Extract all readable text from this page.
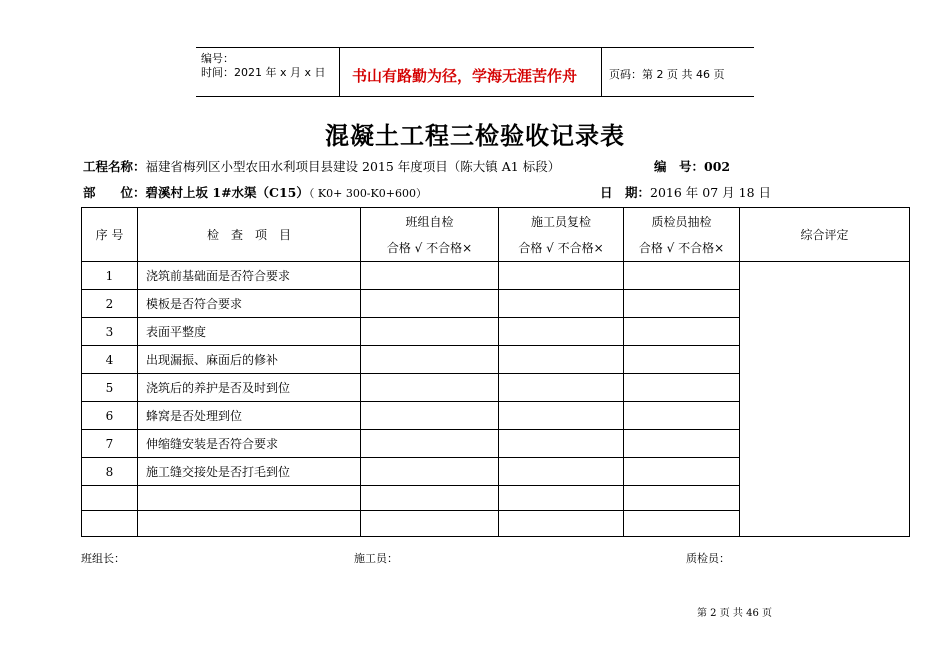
编号：
时间：2021 年 x 月 x 日 书山有路勤为径，学海无涯苦作舟	页码：第 2 页 共 46 页
混凝土工程三检验收记录表
工程名称：福建省梅列区小型农田水利项目县建设 2015 年度项目（陈大镇 A1 标段）	编　号：002
部　　位：碧溪村上坂 1#水渠（C15）（ K0+ 300-K0+600）	日　期：2016 年 07 月 18 日
序 号	检　查　项　目	班组自检	施工员复检	质检员抽检	综合评定
		合格 √ 不合格×	合格 √ 不合格×	合格 √ 不合格×	
1	浇筑前基础面是否符合要求				
2	模板是否符合要求				
3	表面平整度				
4	出现漏振、麻面后的修补				
5	浇筑后的养护是否及时到位				
6	蜂窝是否处理到位				
7	伸缩缝安装是否符合要求				
8	施工缝交接处是否打毛到位				

班组长：	施工员：	质检员：
第 2 页 共 46 页
